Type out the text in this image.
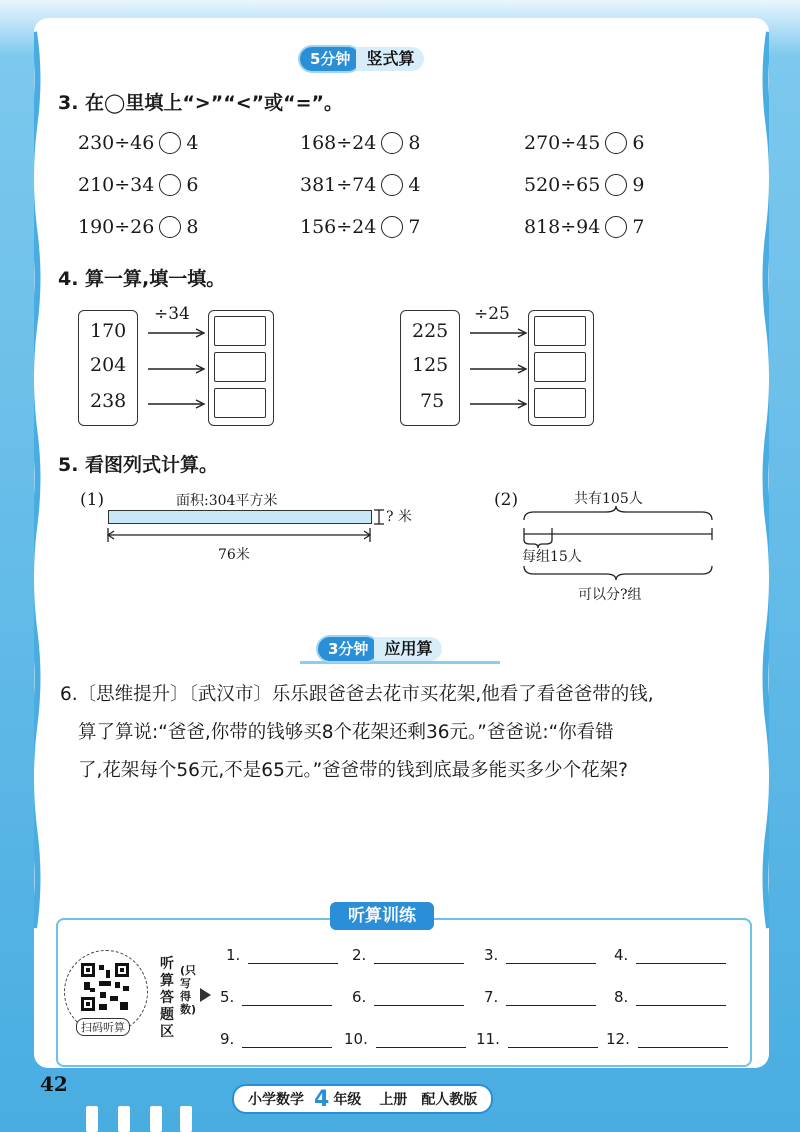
5分钟	竖式算
3. 在◯里填上“>”“<”或“=”。
230÷46 4	168÷24 8	270÷45 6
210÷34 6	381÷74 4	520÷65 9
190÷26 8	156÷24 7	818÷94 7
4. 算一算,填一填。
170
204
238
÷34
225
125
75
÷25
5. 看图列式计算。
(1)	面积:304平方米
? 米
76米
(2)	共有105人
每组15人
可以分?组
3分钟	应用算
6.〔思维提升〕〔武汉市〕乐乐跟爸爸去花市买花架,他看了看爸爸带的钱,
算了算说:“爸爸,你带的钱够买8个花架还剩36元。”爸爸说:“你看错
了,花架每个56元,不是65元。”爸爸带的钱到底最多能买多少个花架?
听算训练
扫码听算
听算答题区
(只写得数)
1.	2.	3.	4.
5.	6.	7.	8.
9.	10.	11.	12.
42
小学数学 4 年级 上册 配人教版
